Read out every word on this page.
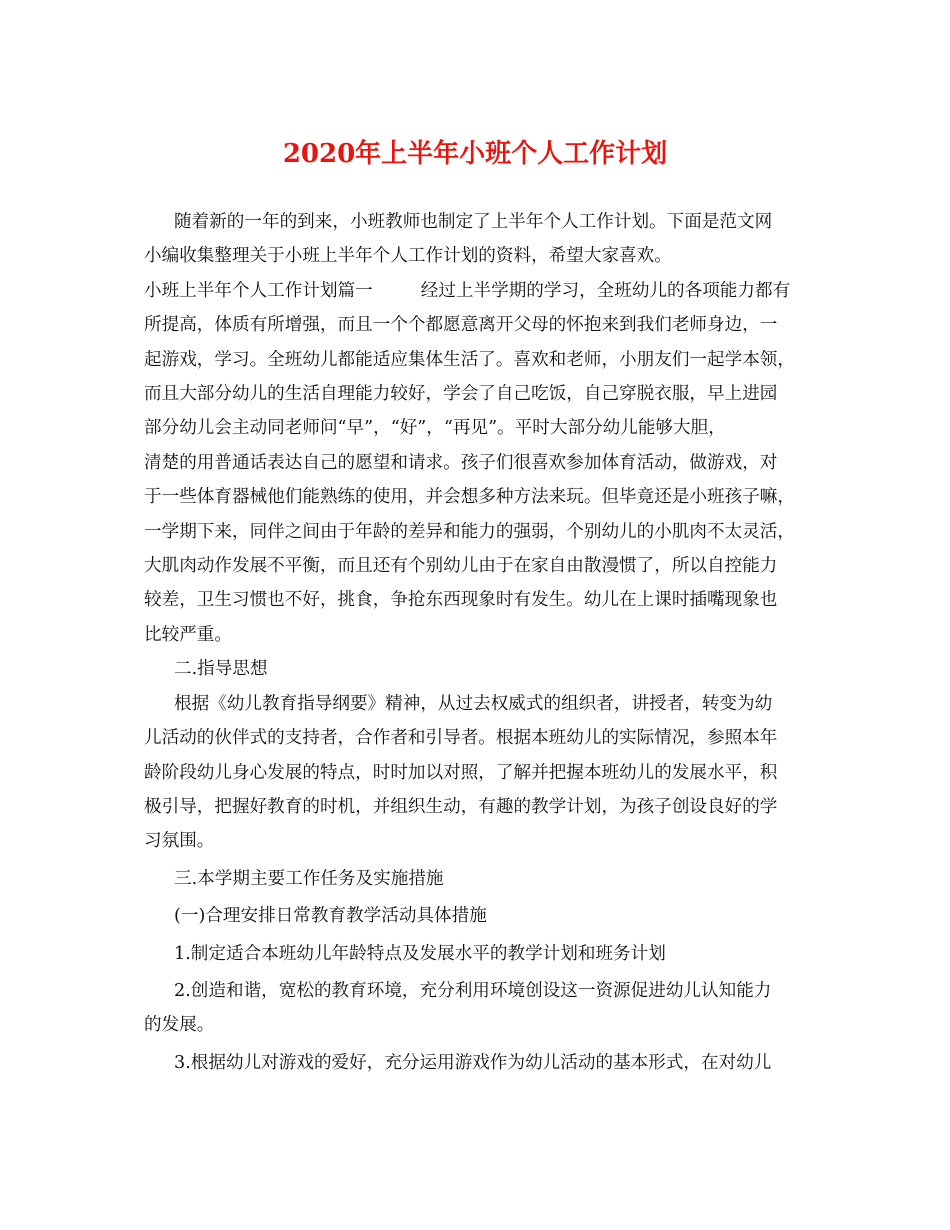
2020年上半年小班个人工作计划

随着新的一年的到来，小班教师也制定了上半年个人工作计划。下面是范文网

小编收集整理关于小班上半年个人工作计划的资料，希望大家喜欢。

小班上半年个人工作计划篇一	经过上半学期的学习，全班幼儿的各项能力都有

所提高，体质有所增强，而且一个个都愿意离开父母的怀抱来到我们老师身边，一

起游戏，学习。全班幼儿都能适应集体生活了。喜欢和老师，小朋友们一起学本领，

而且大部分幼儿的生活自理能力较好，学会了自己吃饭，自己穿脱衣服，早上进园

部分幼儿会主动同老师问“早”，“好”，“再见”。平时大部分幼儿能够大胆，

清楚的用普通话表达自己的愿望和请求。孩子们很喜欢参加体育活动，做游戏，对

于一些体育器械他们能熟练的使用，并会想多种方法来玩。但毕竟还是小班孩子嘛，

一学期下来，同伴之间由于年龄的差异和能力的强弱，个别幼儿的小肌肉不太灵活，

大肌肉动作发展不平衡，而且还有个别幼儿由于在家自由散漫惯了，所以自控能力

较差，卫生习惯也不好，挑食，争抢东西现象时有发生。幼儿在上课时插嘴现象也

比较严重。

二.指导思想

根据《幼儿教育指导纲要》精神，从过去权威式的组织者，讲授者，转变为幼

儿活动的伙伴式的支持者，合作者和引导者。根据本班幼儿的实际情况，参照本年

龄阶段幼儿身心发展的特点，时时加以对照，了解并把握本班幼儿的发展水平，积

极引导，把握好教育的时机，并组织生动，有趣的教学计划，为孩子创设良好的学

习氛围。

三.本学期主要工作任务及实施措施

(一)合理安排日常教育教学活动具体措施

1.制定适合本班幼儿年龄特点及发展水平的教学计划和班务计划

2.创造和谐，宽松的教育环境，充分利用环境创设这一资源促进幼儿认知能力

的发展。

3.根据幼儿对游戏的爱好，充分运用游戏作为幼儿活动的基本形式，在对幼儿
